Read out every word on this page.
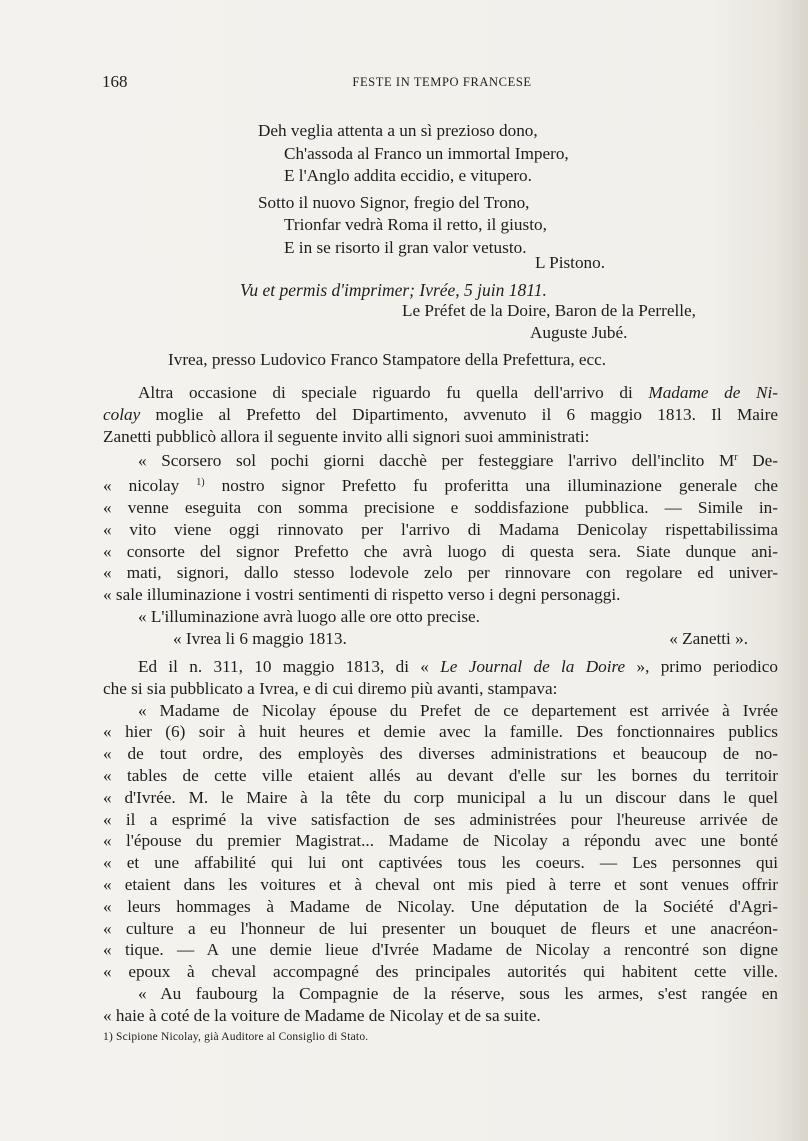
168	FESTE IN TEMPO FRANCESE
Deh veglia attenta a un sì prezioso dono,
Ch'assoda al Franco un immortal Impero,
E l'Anglo addita eccidio, e vitupero.
Sotto il nuovo Signor, fregio del Trono,
Trionfar vedrà Roma il retto, il giusto,
E in se risorto il gran valor vetusto.
L Pistono.
Vu et permis d'imprimer; Ivrée, 5 juin 1811.
Le Préfet de la Doire, Baron de la Perrelle,
Auguste Jubé.
Ivrea, presso Ludovico Franco Stampatore della Prefettura, ecc.
Altra occasione di speciale riguardo fu quella dell'arrivo di Madame de Ni-
colay moglie al Prefetto del Dipartimento, avvenuto il 6 maggio 1813. Il Maire
Zanetti pubblicò allora il seguente invito alli signori suoi amministrati:
« Scorsero sol pochi giorni dacchè per festeggiare l'arrivo dell'inclito $M^r$ De-
« nicolay $^{1)}$ nostro signor Prefetto fu proferitta una illuminazione generale che
« venne eseguita con somma precisione e soddisfazione pubblica. — Simile in-
« vito viene oggi rinnovato per l'arrivo di Madama Denicolay rispettabilissima
« consorte del signor Prefetto che avrà luogo di questa sera. Siate dunque ani-
« mati, signori, dallo stesso lodevole zelo per rinnovare con regolare ed univer-
« sale illuminazione i vostri sentimenti di rispetto verso i degni personaggi.
« L'illuminazione avrà luogo alle ore otto precise.
« Ivrea li 6 maggio 1813.	« Zanetti ».
Ed il n. 311, 10 maggio 1813, di « Le Journal de la Doire », primo periodico
che si sia pubblicato a Ivrea, e di cui diremo più avanti, stampava:
« Madame de Nicolay épouse du Prefet de ce departement est arrivée à Ivrée
« hier (6) soir à huit heures et demie avec la famille. Des fonctionnaires publics
« de tout ordre, des employès des diverses administrations et beaucoup de no-
« tables de cette ville etaient allés au devant d'elle sur les bornes du territoir
« d'Ivrée. M. le Maire à la tête du corp municipal a lu un discour dans le quel
« il a esprimé la vive satisfaction de ses administrées pour l'heureuse arrivée de
« l'épouse du premier Magistrat... Madame de Nicolay a répondu avec une bonté
« et une affabilité qui lui ont captivées tous les coeurs. — Les personnes qui
« etaient dans les voitures et à cheval ont mis pied à terre et sont venues offrir
« leurs hommages à Madame de Nicolay. Une députation de la Société d'Agri-
« culture a eu l'honneur de lui presenter un bouquet de fleurs et une anacréon-
« tique. — A une demie lieue d'Ivrée Madame de Nicolay a rencontré son digne
« epoux à cheval accompagné des principales autorités qui habitent cette ville.
« Au faubourg la Compagnie de la réserve, sous les armes, s'est rangée en
« haie à coté de la voiture de Madame de Nicolay et de sa suite.
1) Scipione Nicolay, già Auditore al Consiglio di Stato.
